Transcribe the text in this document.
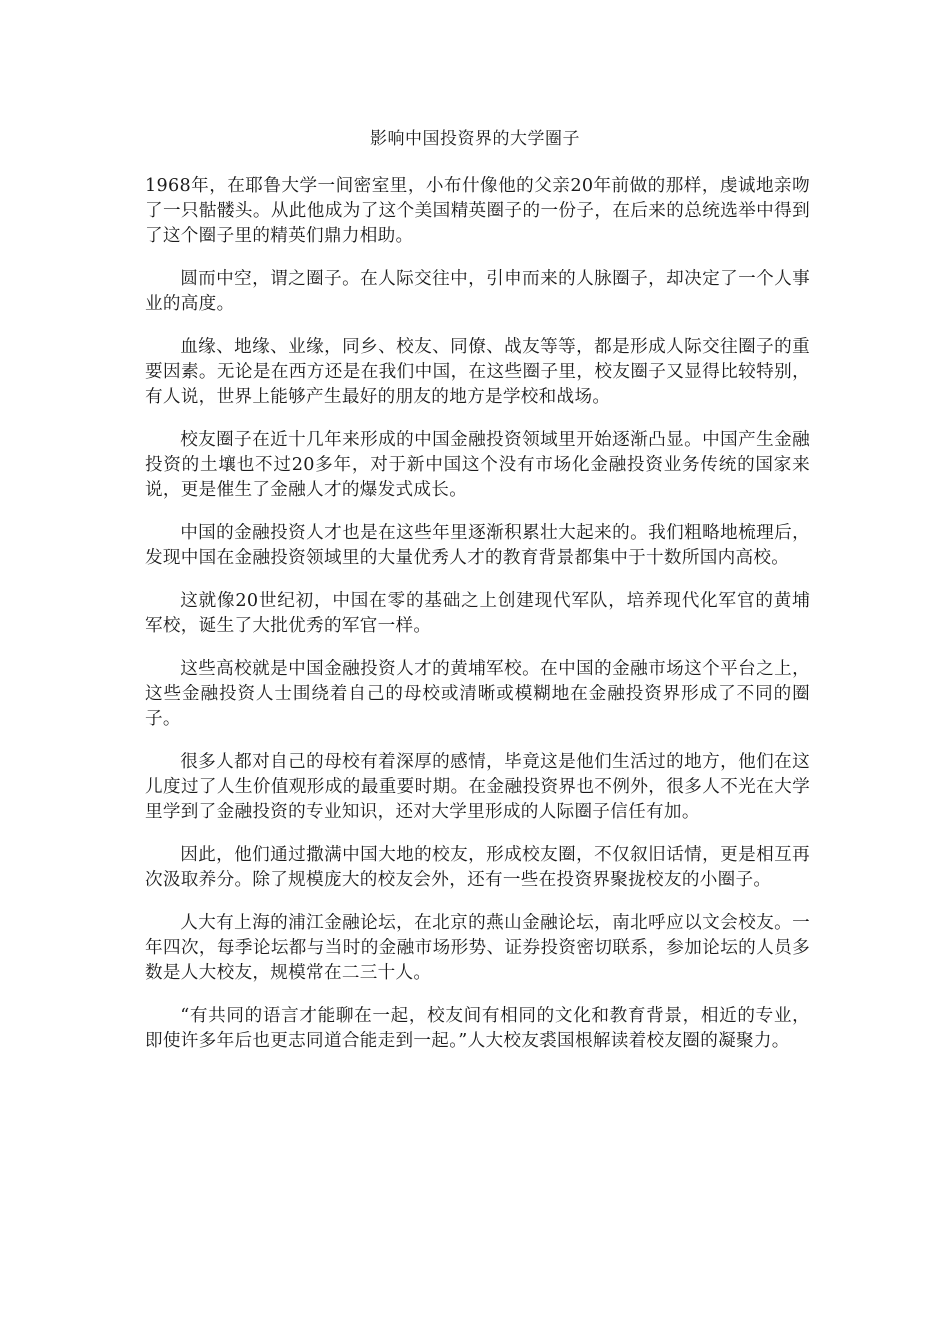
影响中国投资界的大学圈子

1968年，在耶鲁大学一间密室里，小布什像他的父亲20年前做的那样，虔诚地亲吻了一只骷髅头。从此他成为了这个美国精英圈子的一份子，在后来的总统选举中得到了这个圈子里的精英们鼎力相助。

圆而中空，谓之圈子。在人际交往中，引申而来的人脉圈子，却决定了一个人事业的高度。

血缘、地缘、业缘，同乡、校友、同僚、战友等等，都是形成人际交往圈子的重要因素。无论是在西方还是在我们中国，在这些圈子里，校友圈子又显得比较特别，有人说，世界上能够产生最好的朋友的地方是学校和战场。

校友圈子在近十几年来形成的中国金融投资领域里开始逐渐凸显。中国产生金融投资的土壤也不过20多年，对于新中国这个没有市场化金融投资业务传统的国家来说，更是催生了金融人才的爆发式成长。

中国的金融投资人才也是在这些年里逐渐积累壮大起来的。我们粗略地梳理后，发现中国在金融投资领域里的大量优秀人才的教育背景都集中于十数所国内高校。

这就像20世纪初，中国在零的基础之上创建现代军队，培养现代化军官的黄埔军校，诞生了大批优秀的军官一样。

这些高校就是中国金融投资人才的黄埔军校。在中国的金融市场这个平台之上，这些金融投资人士围绕着自己的母校或清晰或模糊地在金融投资界形成了不同的圈子。

很多人都对自己的母校有着深厚的感情，毕竟这是他们生活过的地方，他们在这儿度过了人生价值观形成的最重要时期。在金融投资界也不例外，很多人不光在大学里学到了金融投资的专业知识，还对大学里形成的人际圈子信任有加。

因此，他们通过撒满中国大地的校友，形成校友圈，不仅叙旧话情，更是相互再次汲取养分。除了规模庞大的校友会外，还有一些在投资界聚拢校友的小圈子。

人大有上海的浦江金融论坛，在北京的燕山金融论坛，南北呼应以文会校友。一年四次，每季论坛都与当时的金融市场形势、证券投资密切联系，参加论坛的人员多数是人大校友，规模常在二三十人。

“有共同的语言才能聊在一起，校友间有相同的文化和教育背景，相近的专业，即使许多年后也更志同道合能走到一起。”人大校友裘国根解读着校友圈的凝聚力。
